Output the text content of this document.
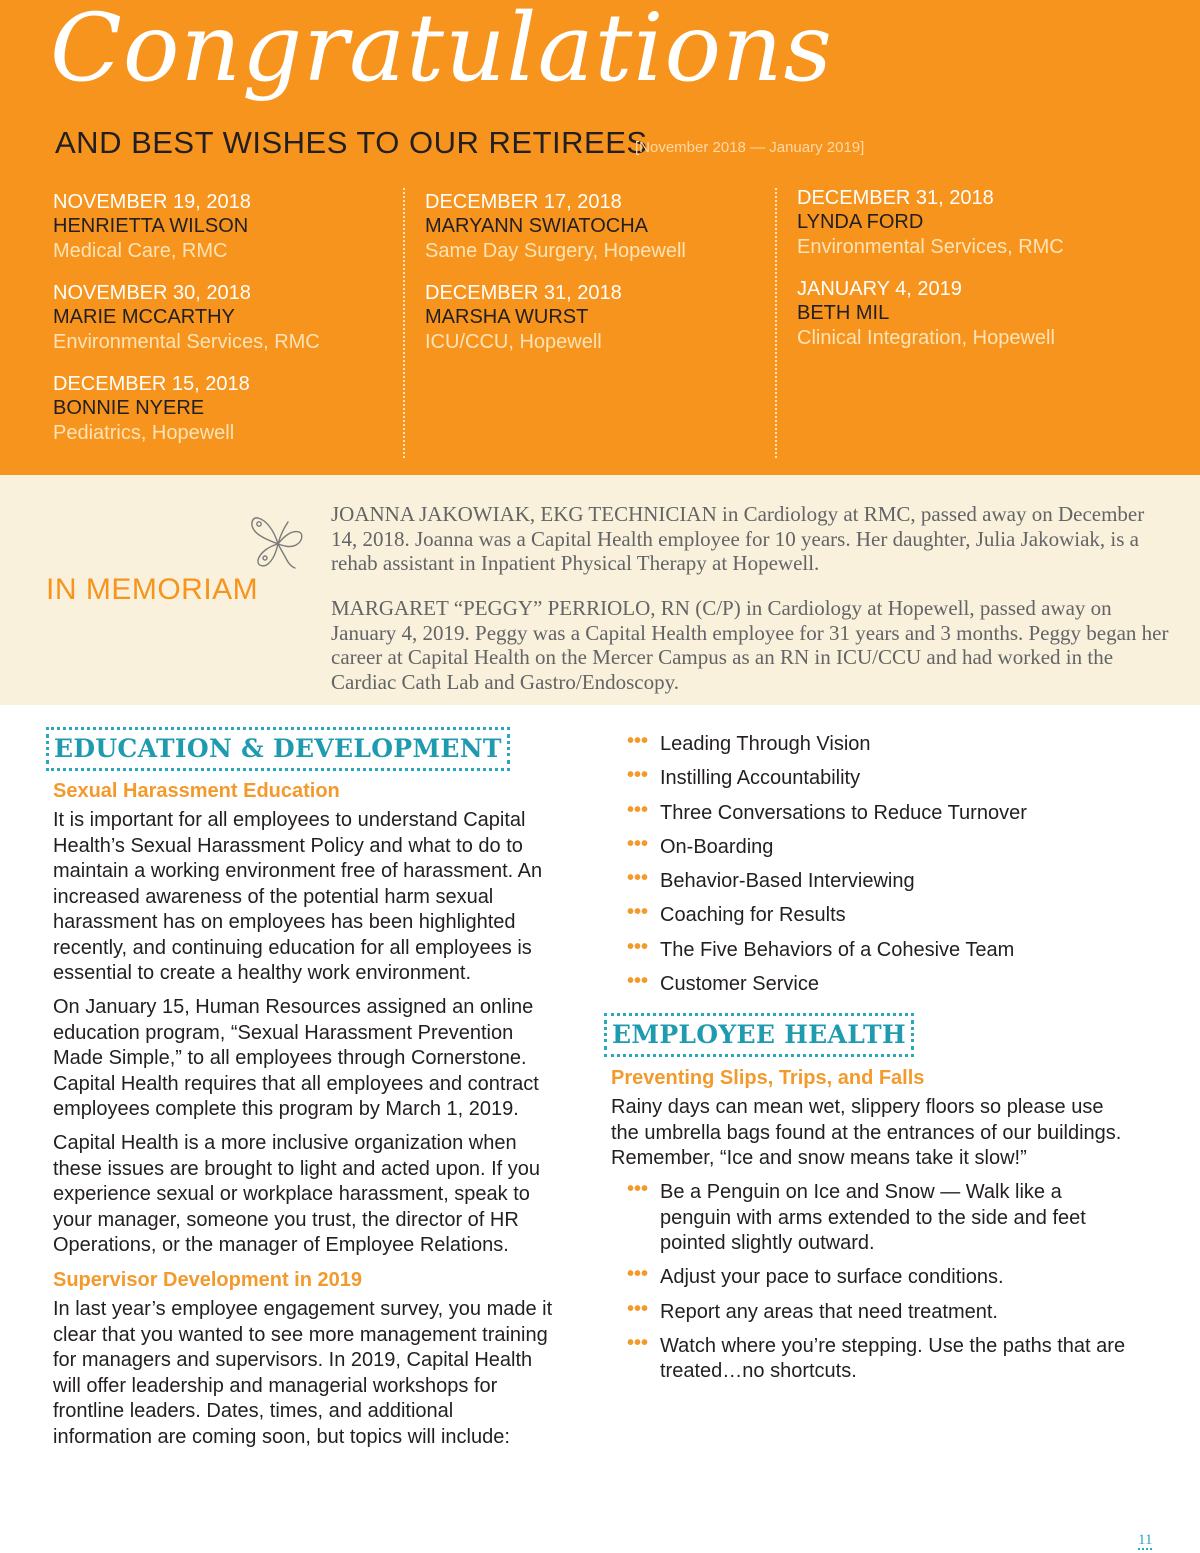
Congratulations
AND BEST WISHES TO OUR RETIREES
[November 2018 — January 2019]
NOVEMBER 19, 2018
HENRIETTA WILSON
Medical Care, RMC
NOVEMBER 30, 2018
MARIE MCCARTHY
Environmental Services, RMC
DECEMBER 15, 2018
BONNIE NYERE
Pediatrics, Hopewell
DECEMBER 17, 2018
MARYANN SWIATOCHA
Same Day Surgery, Hopewell
DECEMBER 31, 2018
MARSHA WURST
ICU/CCU, Hopewell
DECEMBER 31, 2018
LYNDA FORD
Environmental Services, RMC
JANUARY 4, 2019
BETH MIL
Clinical Integration, Hopewell
IN MEMORIAM

JOANNA JAKOWIAK, EKG TECHNICIAN in Cardiology at RMC, passed away on December 14, 2018. Joanna was a Capital Health employee for 10 years. Her daughter, Julia Jakowiak, is a rehab assistant in Inpatient Physical Therapy at Hopewell.

MARGARET “PEGGY” PERRIOLO, RN (C/P) in Cardiology at Hopewell, passed away on January 4, 2019. Peggy was a Capital Health employee for 31 years and 3 months. Peggy began her career at Capital Health on the Mercer Campus as an RN in ICU/CCU and had worked in the Cardiac Cath Lab and Gastro/Endoscopy.

EDUCATION & DEVELOPMENT
Sexual Harassment Education

It is important for all employees to understand Capital Health’s Sexual Harassment Policy and what to do to maintain a working environment free of harassment. An increased awareness of the potential harm sexual harassment has on employees has been highlighted recently, and continuing education for all employees is essential to create a healthy work environment.

On January 15, Human Resources assigned an online education program, “Sexual Harassment Prevention Made Simple,” to all employees through Cornerstone. Capital Health requires that all employees and contract employees complete this program by March 1, 2019.

Capital Health is a more inclusive organization when these issues are brought to light and acted upon. If you experience sexual or workplace harassment, speak to your manager, someone you trust, the director of HR Operations, or the manager of Employee Relations.

Supervisor Development in 2019

In last year’s employee engagement survey, you made it clear that you wanted to see more management training for managers and supervisors. In 2019, Capital Health will offer leadership and managerial workshops for frontline leaders. Dates, times, and additional information are coming soon, but topics will include:

••• Leading Through Vision
••• Instilling Accountability
••• Three Conversations to Reduce Turnover
••• On-Boarding
••• Behavior-Based Interviewing
••• Coaching for Results
••• The Five Behaviors of a Cohesive Team
••• Customer Service
EMPLOYEE HEALTH
Preventing Slips, Trips, and Falls

Rainy days can mean wet, slippery floors so please use the umbrella bags found at the entrances of our buildings. Remember, “Ice and snow means take it slow!”

••• Be a Penguin on Ice and Snow — Walk like a penguin with arms extended to the side and feet pointed slightly outward.
••• Adjust your pace to surface conditions.
••• Report any areas that need treatment.
••• Watch where you’re stepping. Use the paths that are treated…no shortcuts.
11
